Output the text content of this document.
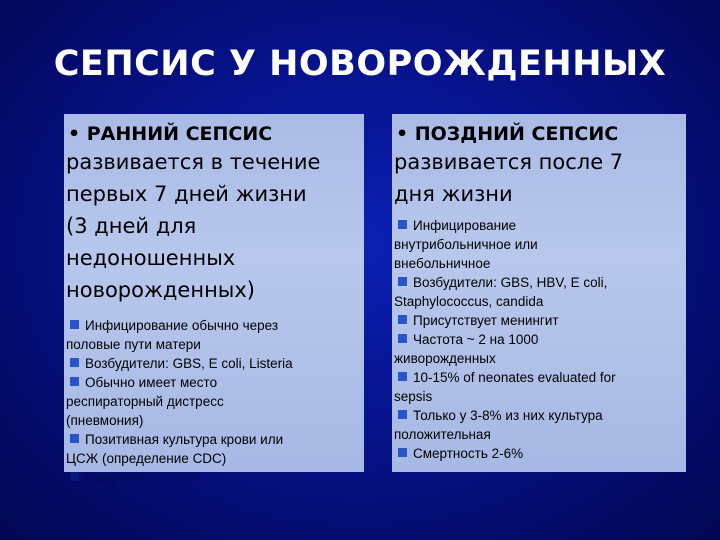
СЕПСИС У НОВОРОЖДЕННЫХ
• РАННИЙ СЕПСИС
развивается в течение
первых 7 дней жизни
(3 дней для
недоношенных
новорожденных)
Инфицирование обычно через
половые пути матери
Возбудители: GBS, E coli, Listeria
Обычно имеет место
респираторный дистресс
(пневмония)
Позитивная культура крови или
ЦСЖ (определение CDC)
Смертность 5-50%
• ПОЗДНИЙ СЕПСИС
развивается после 7
дня жизни
Инфицирование
внутрибольничное или
внебольничное
Возбудители: GBS, HBV, E coli,
Staphylococcus, candida
Присутствует менингит
Частота ~ 2 на 1000
живорожденных
10-15% of neonates evaluated for
sepsis
Только у 3-8% из них культура
положительная
Смертность 2-6%
